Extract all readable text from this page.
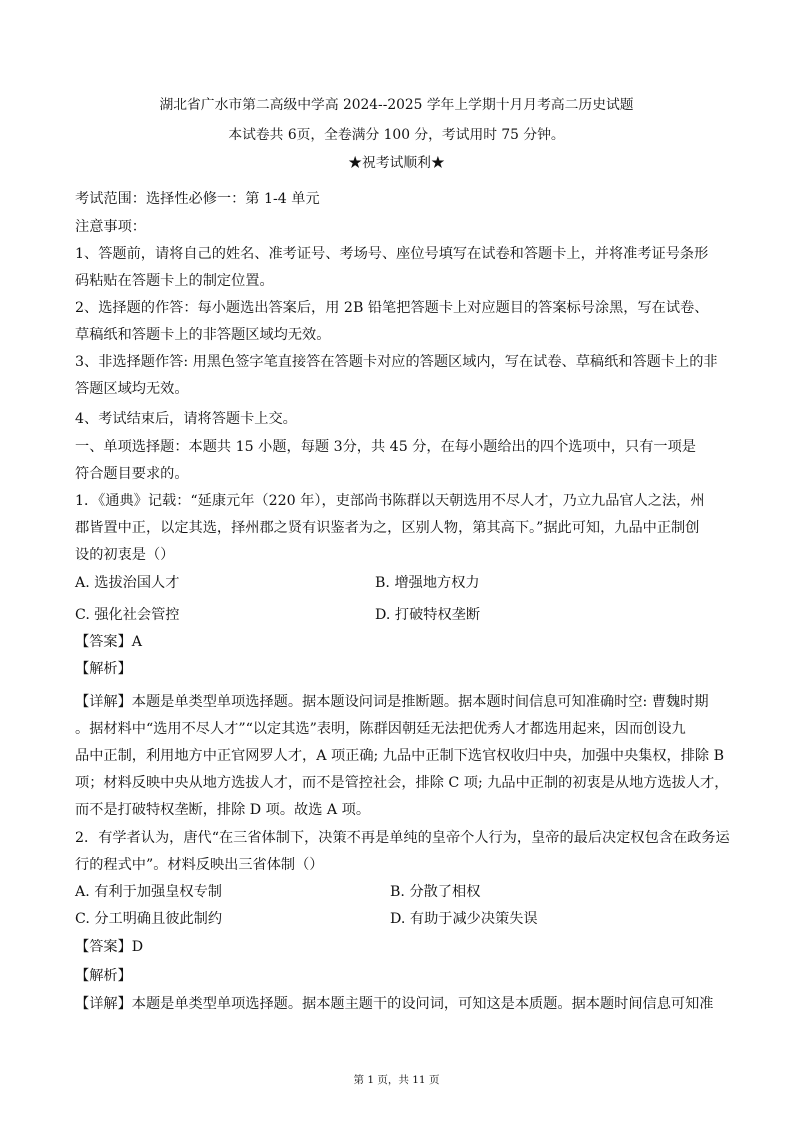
湖北省广水市第二高级中学高 2024--2025 学年上学期十月月考高二历史试题
本试卷共 6页，全卷满分 100 分，考试用时 75 分钟。
★祝考试顺利★
考试范围：选择性必修一：第 1-4 单元
注意事项：
1、答题前，请将自己的姓名、准考证号、考场号、座位号填写在试卷和答题卡上，并将准考证号条形
码粘贴在答题卡上的制定位置。
2、选择题的作答：每小题选出答案后，用 2B 铅笔把答题卡上对应题目的答案标号涂黑，写在试卷、
草稿纸和答题卡上的非答题区域均无效。
3、非选择题作答: 用黑色签字笔直接答在答题卡对应的答题区域内，写在试卷、草稿纸和答题卡上的非
答题区域均无效。
4、考试结束后，请将答题卡上交。
一、单项选择题：本题共 15 小题，每题 3分，共 45 分，在每小题给出的四个选项中，只有一项是
符合题目要求的。
1．《通典》记载：“延康元年（220 年），吏部尚书陈群以天朝选用不尽人才，乃立九品官人之法，州
郡皆置中正，以定其选，择州郡之贤有识鉴者为之，区别人物，第其高下。”据此可知，九品中正制创
设的初衷是（）
A. 选拔治国人才	B. 增强地方权力
C. 强化社会管控	D. 打破特权垄断
【答案】A
【解析】
【详解】本题是单类型单项选择题。据本题设问词是推断题。据本题时间信息可知准确时空: 曹魏时期
。据材料中“选用不尽人才”“以定其选”表明，陈群因朝廷无法把优秀人才都选用起来，因而创设九
品中正制，利用地方中正官网罗人才，A 项正确; 九品中正制下选官权收归中央，加强中央集权，排除 B
项；材料反映中央从地方选拔人才，而不是管控社会，排除 C 项; 九品中正制的初衷是从地方选拔人才，
而不是打破特权垄断，排除 D 项。故选 A 项。
2．有学者认为，唐代“在三省体制下，决策不再是单纯的皇帝个人行为，皇帝的最后决定权包含在政务运
行的程式中”。材料反映出三省体制（）
A. 有利于加强皇权专制	B. 分散了相权
C. 分工明确且彼此制约	D. 有助于减少决策失误
【答案】D
【解析】
【详解】本题是单类型单项选择题。据本题主题干的设问词，可知这是本质题。据本题时间信息可知准
第 1 页，共 11 页
